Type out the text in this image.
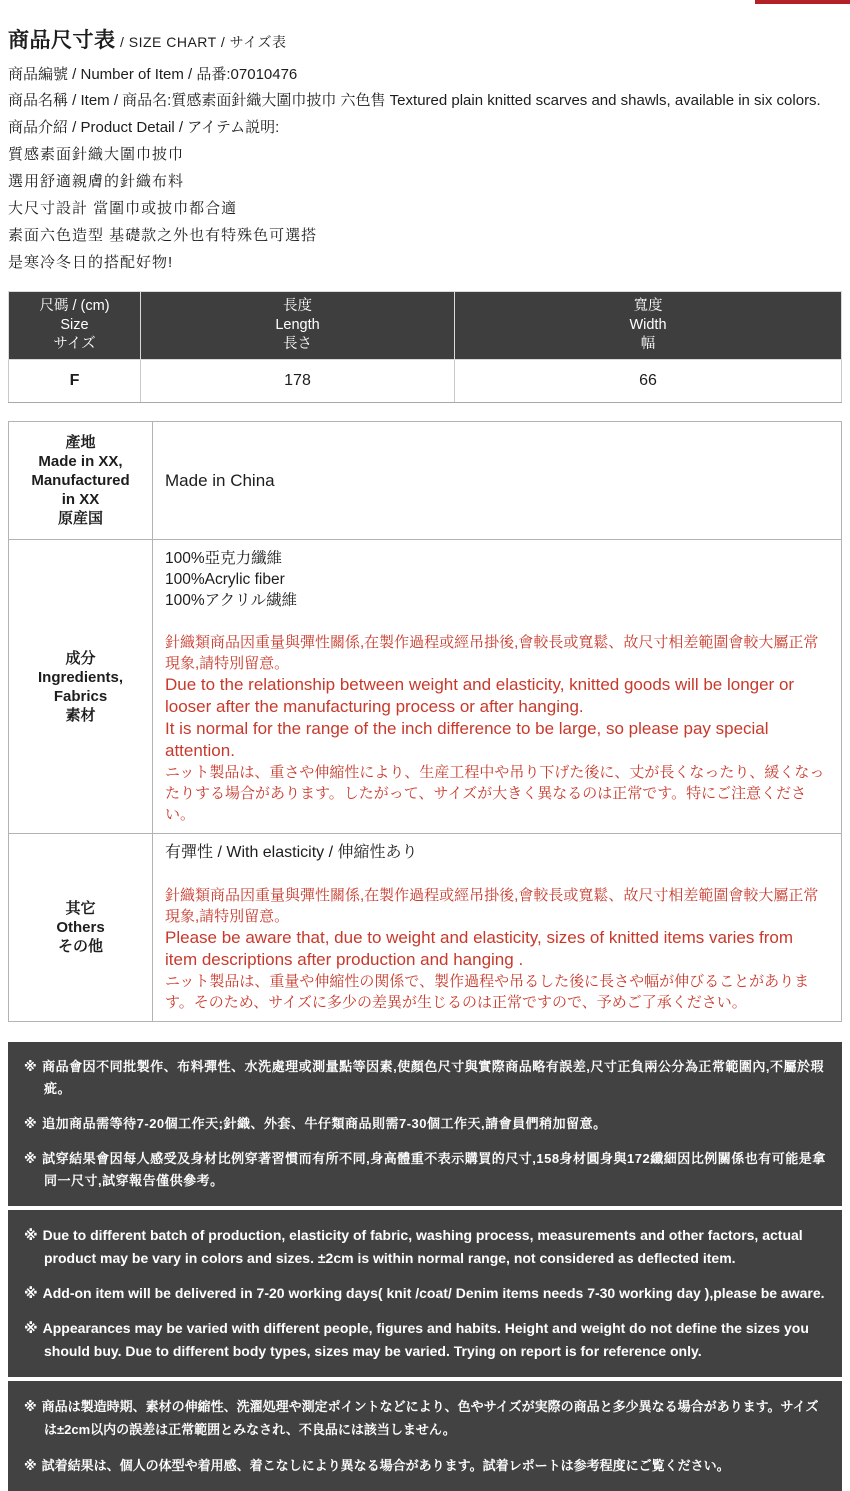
商品尺寸表 / SIZE CHART / サイズ表
商品編號 / Number of Item / 品番:07010476
商品名稱 / Item / 商品名:質感素面針織大圍巾披巾 六色售 Textured plain knitted scarves and shawls, available in six colors.
商品介紹 / Product Detail / アイテム説明:
質感素面針織大圍巾披巾
選用舒適親膚的針織布料
大尺寸設計 當圍巾或披巾都合適
素面六色造型 基礎款之外也有特殊色可選搭
是寒冷冬日的搭配好物!
尺碼 / (cm)
Size
サイズ

長度
Length
長さ

寬度
Width
幅

F	178	66
產地
Made in XX,
Manufactured
in XX
原産国	Made in China

成分
Ingredients,
Fabrics
素材

100%亞克力纖維
100%Acrylic fiber
100%アクリル繊維
針織類商品因重量與彈性關係,在製作過程或經吊掛後,會較長或寬鬆、故尺寸相差範圍會較大屬正常現象,請特別留意。
Due to the relationship between weight and elasticity, knitted goods will be longer or looser after the manufacturing process or after hanging.
It is normal for the range of the inch difference to be large, so please pay special attention.
ニット製品は、重さや伸縮性により、生産工程中や吊り下げた後に、丈が長くなったり、緩くなったりする場合があります。したがって、サイズが大きく異なるのは正常です。特にご注意ください。

其它
Others
その他

有彈性 / With elasticity / 伸縮性あり
針織類商品因重量與彈性關係,在製作過程或經吊掛後,會較長或寬鬆、故尺寸相差範圍會較大屬正常現象,請特別留意。
Please be aware that, due to weight and elasticity, sizes of knitted items varies from item descriptions after production and hanging .
ニット製品は、重量や伸縮性の関係で、製作過程や吊るした後に長さや幅が伸びることがあります。そのため、サイズに多少の差異が生じるのは正常ですので、予めご了承ください。
※ 商品會因不同批製作、布料彈性、水洗處理或測量點等因素,使顏色尺寸與實際商品略有誤差,尺寸正負兩公分為正常範圍內,不屬於瑕疵。
※ 追加商品需等待7-20個工作天;針織、外套、牛仔類商品則需7-30個工作天,請會員們稍加留意。
※ 試穿結果會因每人感受及身材比例穿著習慣而有所不同,身高體重不表示購買的尺寸,158身材圓身與172纖細因比例關係也有可能是拿同一尺寸,試穿報告僅供參考。
※ Due to different batch of production, elasticity of fabric, washing process, measurements and other factors, actual product may be vary in colors and sizes. ±2cm is within normal range, not considered as deflected item.
※ Add-on item will be delivered in 7-20 working days( knit /coat/ Denim items needs 7-30 working day ),please be aware.
※ Appearances may be varied with different people, figures and habits. Height and weight do not define the sizes you should buy. Due to different body types, sizes may be varied. Trying on report is for reference only.
※ 商品は製造時期、素材の伸縮性、洗濯処理や測定ポイントなどにより、色やサイズが実際の商品と多少異なる場合があります。サイズは±2cm以内の誤差は正常範囲とみなされ、不良品には該当しません。
※ 試着結果は、個人の体型や着用感、着こなしにより異なる場合があります。試着レポートは参考程度にご覧ください。
